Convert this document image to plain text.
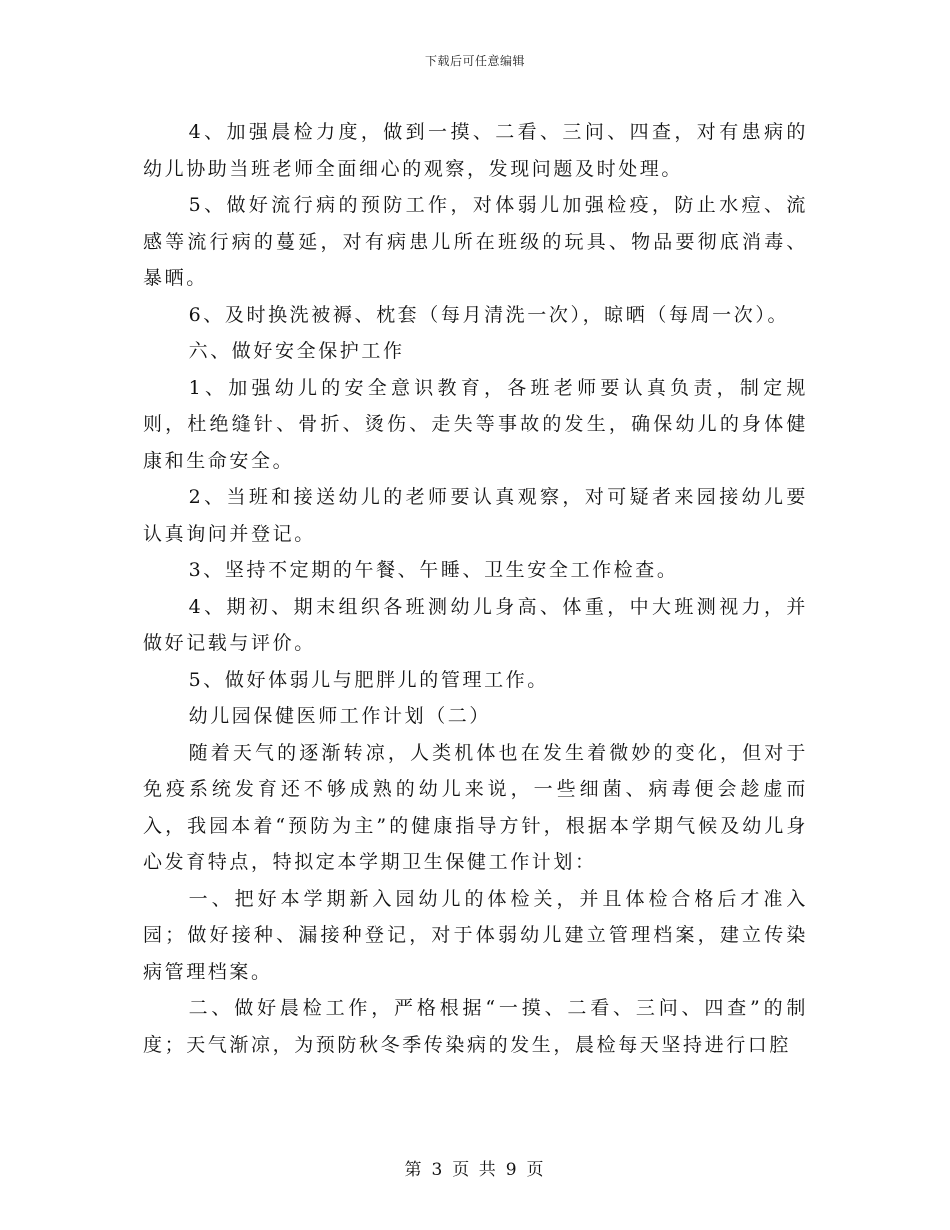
下载后可任意编辑

4、加强晨检力度，做到一摸、二看、三问、四查，对有患病的幼儿协助当班老师全面细心的观察，发现问题及时处理。

5、做好流行病的预防工作，对体弱儿加强检疫，防止水痘、流感等流行病的蔓延，对有病患儿所在班级的玩具、物品要彻底消毒、暴晒。

6、及时换洗被褥、枕套（每月清洗一次），晾晒（每周一次）。

六、做好安全保护工作

1、加强幼儿的安全意识教育，各班老师要认真负责，制定规则，杜绝缝针、骨折、烫伤、走失等事故的发生，确保幼儿的身体健康和生命安全。

2、当班和接送幼儿的老师要认真观察，对可疑者来园接幼儿要认真询问并登记。

3、坚持不定期的午餐、午睡、卫生安全工作检查。

4、期初、期末组织各班测幼儿身高、体重，中大班测视力，并做好记载与评价。

5、做好体弱儿与肥胖儿的管理工作。

幼儿园保健医师工作计划（二）

随着天气的逐渐转凉，人类机体也在发生着微妙的变化，但对于免疫系统发育还不够成熟的幼儿来说，一些细菌、病毒便会趁虚而入，我园本着“预防为主”的健康指导方针，根据本学期气候及幼儿身心发育特点，特拟定本学期卫生保健工作计划：

一、把好本学期新入园幼儿的体检关，并且体检合格后才准入园；做好接种、漏接种登记，对于体弱幼儿建立管理档案，建立传染病管理档案。

二、做好晨检工作，严格根据“一摸、二看、三问、四查”的制度；天气渐凉，为预防秋冬季传染病的发生，晨检每天坚持进行口腔

第 3 页 共 9 页
